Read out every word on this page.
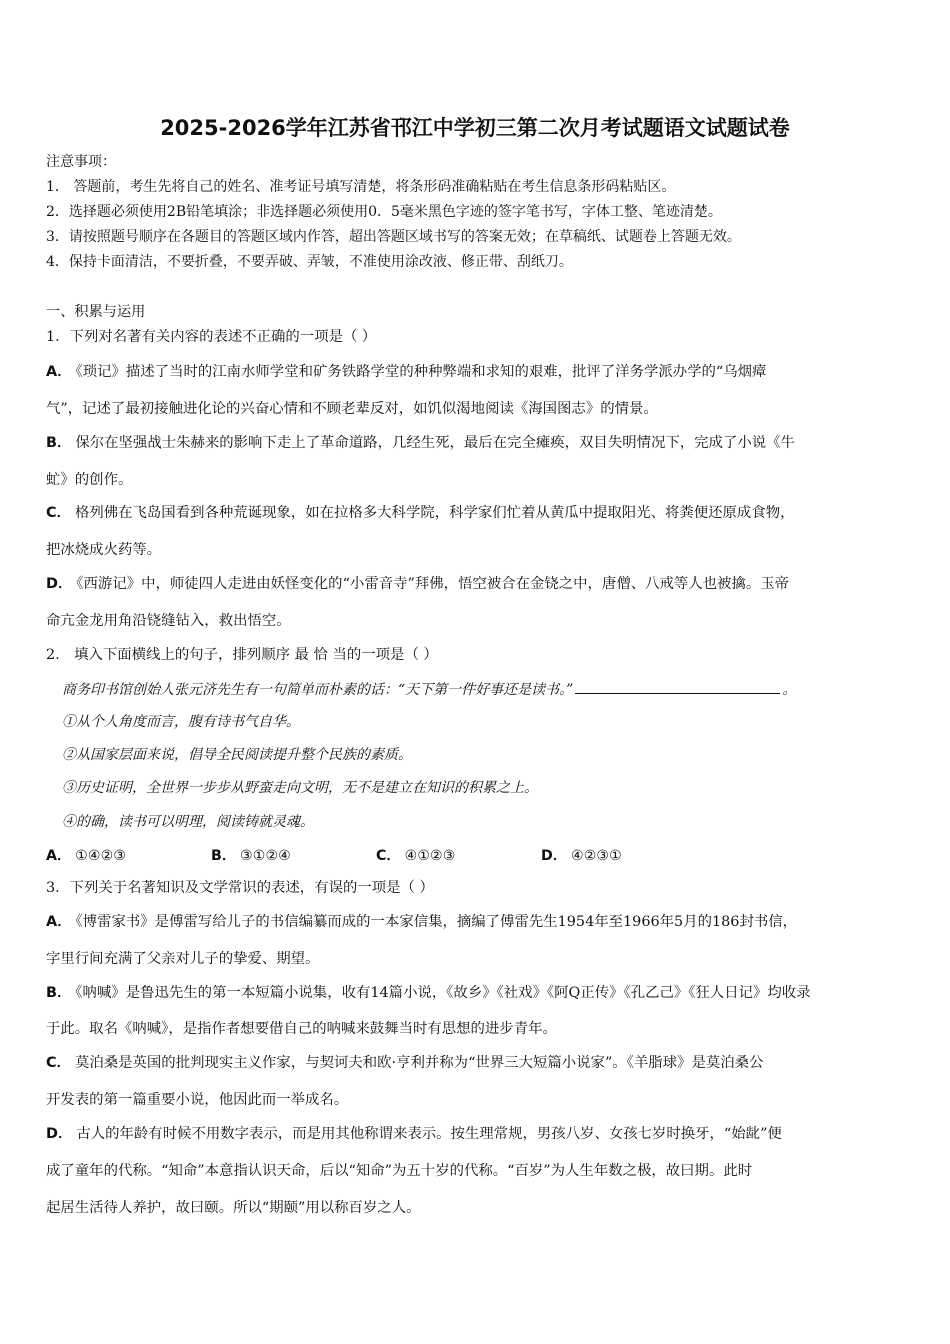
2025-2026学年江苏省邗江中学初三第二次月考试题语文试题试卷
注意事项：
1． 答题前，考生先将自己的姓名、准考证号填写清楚，将条形码准确粘贴在考生信息条形码粘贴区。
2．选择题必须使用2B铅笔填涂；非选择题必须使用0．5毫米黑色字迹的签字笔书写，字体工整、笔迹清楚。
3．请按照题号顺序在各题目的答题区域内作答，超出答题区域书写的答案无效；在草稿纸、试题卷上答题无效。
4．保持卡面清洁，不要折叠，不要弄破、弄皱，不准使用涂改液、修正带、刮纸刀。
一、积累与运用
1．下列对名著有关内容的表述不正确的一项是（ ）
A． 《琐记》描述了当时的江南水师学堂和矿务铁路学堂的种种弊端和求知的艰难，批评了洋务学派办学的“乌烟瘴
气”，记述了最初接触进化论的兴奋心情和不顾老辈反对，如饥似渴地阅读《海国图志》的情景。
B． 保尔在坚强战士朱赫来的影响下走上了革命道路，几经生死，最后在完全瘫痪，双目失明情况下，完成了小说《牛
虻》的创作。
C． 格列佛在飞岛国看到各种荒诞现象，如在拉格多大科学院，科学家们忙着从黄瓜中提取阳光、将粪便还原成食物，
把冰烧成火药等。
D． 《西游记》中，师徒四人走进由妖怪变化的“小雷音寺”拜佛，悟空被合在金铙之中，唐僧、八戒等人也被擒。玉帝
命亢金龙用角沿铙缝钻入，救出悟空。
2． 填入下面横线上的句子，排列顺序 最 恰 当的一项是（ ）
商务印书馆创始人张元济先生有一句简单而朴素的话：“天下第一件好事还是读书。”	。
①从个人角度而言，腹有诗书气自华。
②从国家层面来说，倡导全民阅读提升整个民族的素质。
③历史证明，全世界一步步从野蛮走向文明，无不是建立在知识的积累之上。
④的确，读书可以明理，阅读铸就灵魂。
A． ①④②③	B． ③①②④	C． ④①②③	D． ④②③①
3．下列关于名著知识及文学常识的表述，有误的一项是（ ）
A． 《博雷家书》是傅雷写给儿子的书信编纂而成的一本家信集，摘编了傅雷先生1954年至1966年5月的186封书信，
字里行间充满了父亲对儿子的挚爱、期望。
B． 《呐喊》是鲁迅先生的第一本短篇小说集，收有14篇小说，《故乡》《社戏》《阿Q正传》《孔乙己》《狂人日记》均收录
于此。取名《呐喊》，是指作者想要借自己的呐喊来鼓舞当时有思想的进步青年。
C． 莫泊桑是英国的批判现实主义作家，与契诃夫和欧·亨利并称为“世界三大短篇小说家”。《羊脂球》是莫泊桑公
开发表的第一篇重要小说，他因此而一举成名。
D． 古人的年龄有时候不用数字表示，而是用其他称谓来表示。按生理常规，男孩八岁、女孩七岁时换牙，“始龀”便
成了童年的代称。“知命”本意指认识天命，后以“知命”为五十岁的代称。“百岁”为人生年数之极，故曰期。此时
起居生活待人养护，故曰颐。所以“期颐”用以称百岁之人。
